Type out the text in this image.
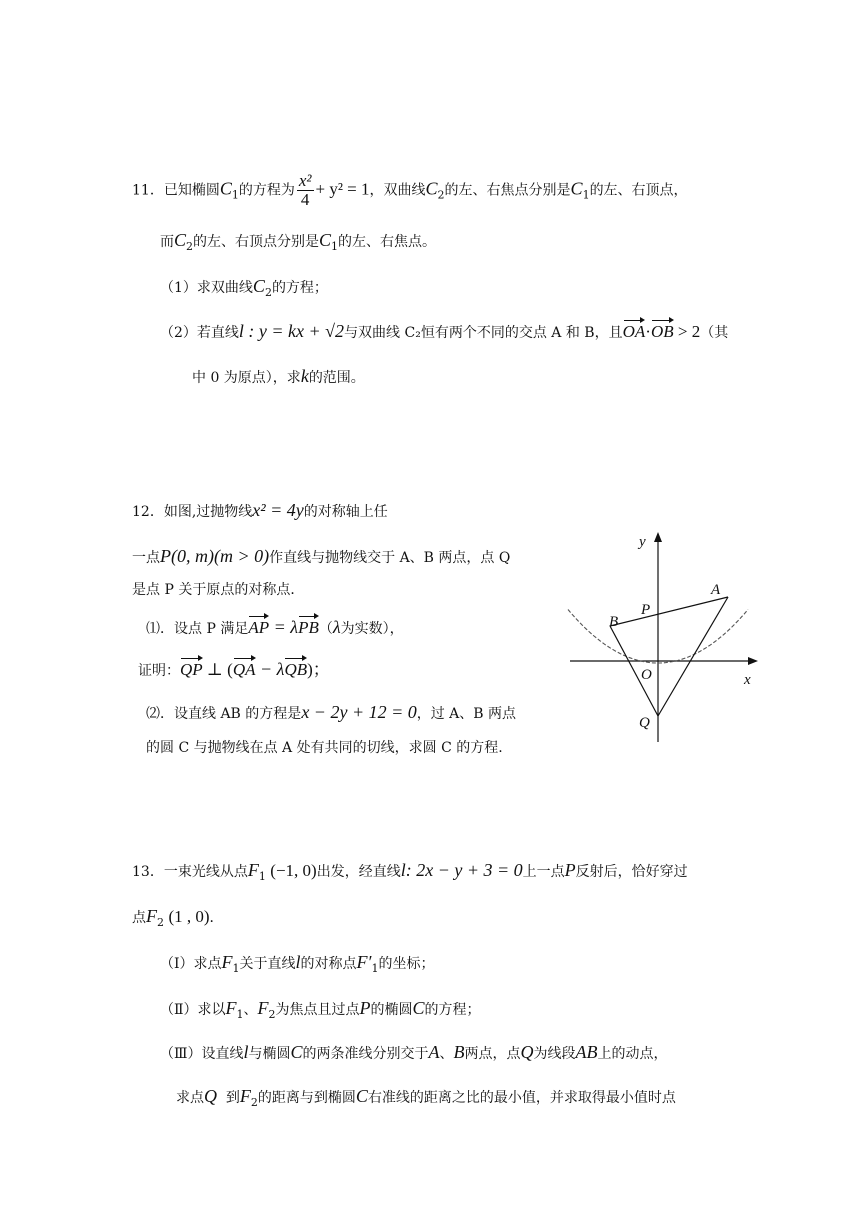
11．已知椭圆$C_1$的方程为 $\frac{\text{x²}}{4} + y^2 = 1$，双曲线$C_2$的左、右焦点分别是$C_1$的左、右顶点，
而$C_2$的左、右顶点分别是$C_1$的左、右焦点。
（1）求双曲线$C_2$的方程；
（2）若直线l : y = kx + √2与双曲线 C₂恒有两个不同的交点 A 和 B，且OA·OB > 2（其
中 0 为原点），求k的范围。
12．如图,过抛物线x² = 4y的对称轴上任
一点P(0, m)(m > 0)作直线与抛物线交于 A、B 两点，点 Q
是点 P 关于原点的对称点．
⑴．设点 P 满足AP = λPB（λ为实数），
证明：QP ⊥ (QA − λQB)；
⑵．设直线 AB 的方程是x − 2y + 12 = 0，过 A、B 两点
的圆 C 与抛物线在点 A 处有共同的切线，求圆 C 的方程.
y
x
A
B
P
O
Q
13．一束光线从点$F_1$ (−1, 0)出发，经直线l: 2x − y + 3 = 0上一点P反射后，恰好穿过
点$F_2$ (1 , 0)．
（Ⅰ）求点$F_1$关于直线l的对称点$F'_1$的坐标；
（Ⅱ）求以$F_1$、$F_2$为焦点且过点P的椭圆C的方程；
（Ⅲ）设直线l与椭圆C的两条准线分别交于A、B两点，点Q为线段AB上的动点，
求点Q 到$F_2$的距离与到椭圆C右准线的距离之比的最小值，并求取得最小值时点
